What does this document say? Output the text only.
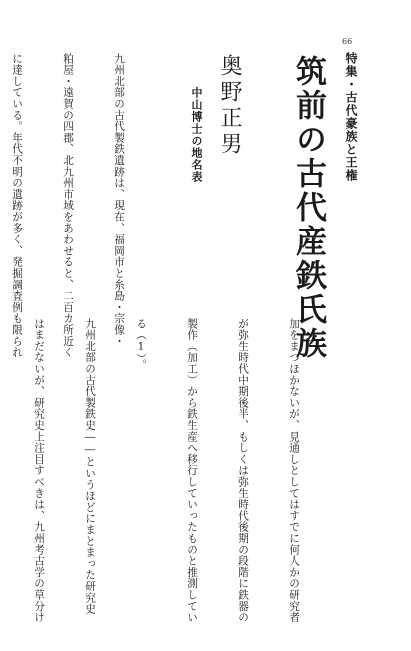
66
特集・古代豪族と王権
筑前の古代産鉄氏族
奥野正男
中山博士の地名表

九州北部の古代製鉄遺跡は、現在、福岡市と糸島・宗像・

粕屋・遠賀の四郡、北九州市域をあわせると、二百カ所近く

に達している。年代不明の遺跡が多く、発掘調査例も限られ

加をまつほかないが、見通しとしてはすでに何人かの研究者

が弥生時代中期後半、もしくは弥生時代後期の段階に鉄器の

製作（加工）から鉄生産へ移行していったものと推測してい

る（1）。

九州北部の古代製鉄史――というほどにまとまった研究史

はまだないが、研究史上注目すべきは、九州考古学の草分け
